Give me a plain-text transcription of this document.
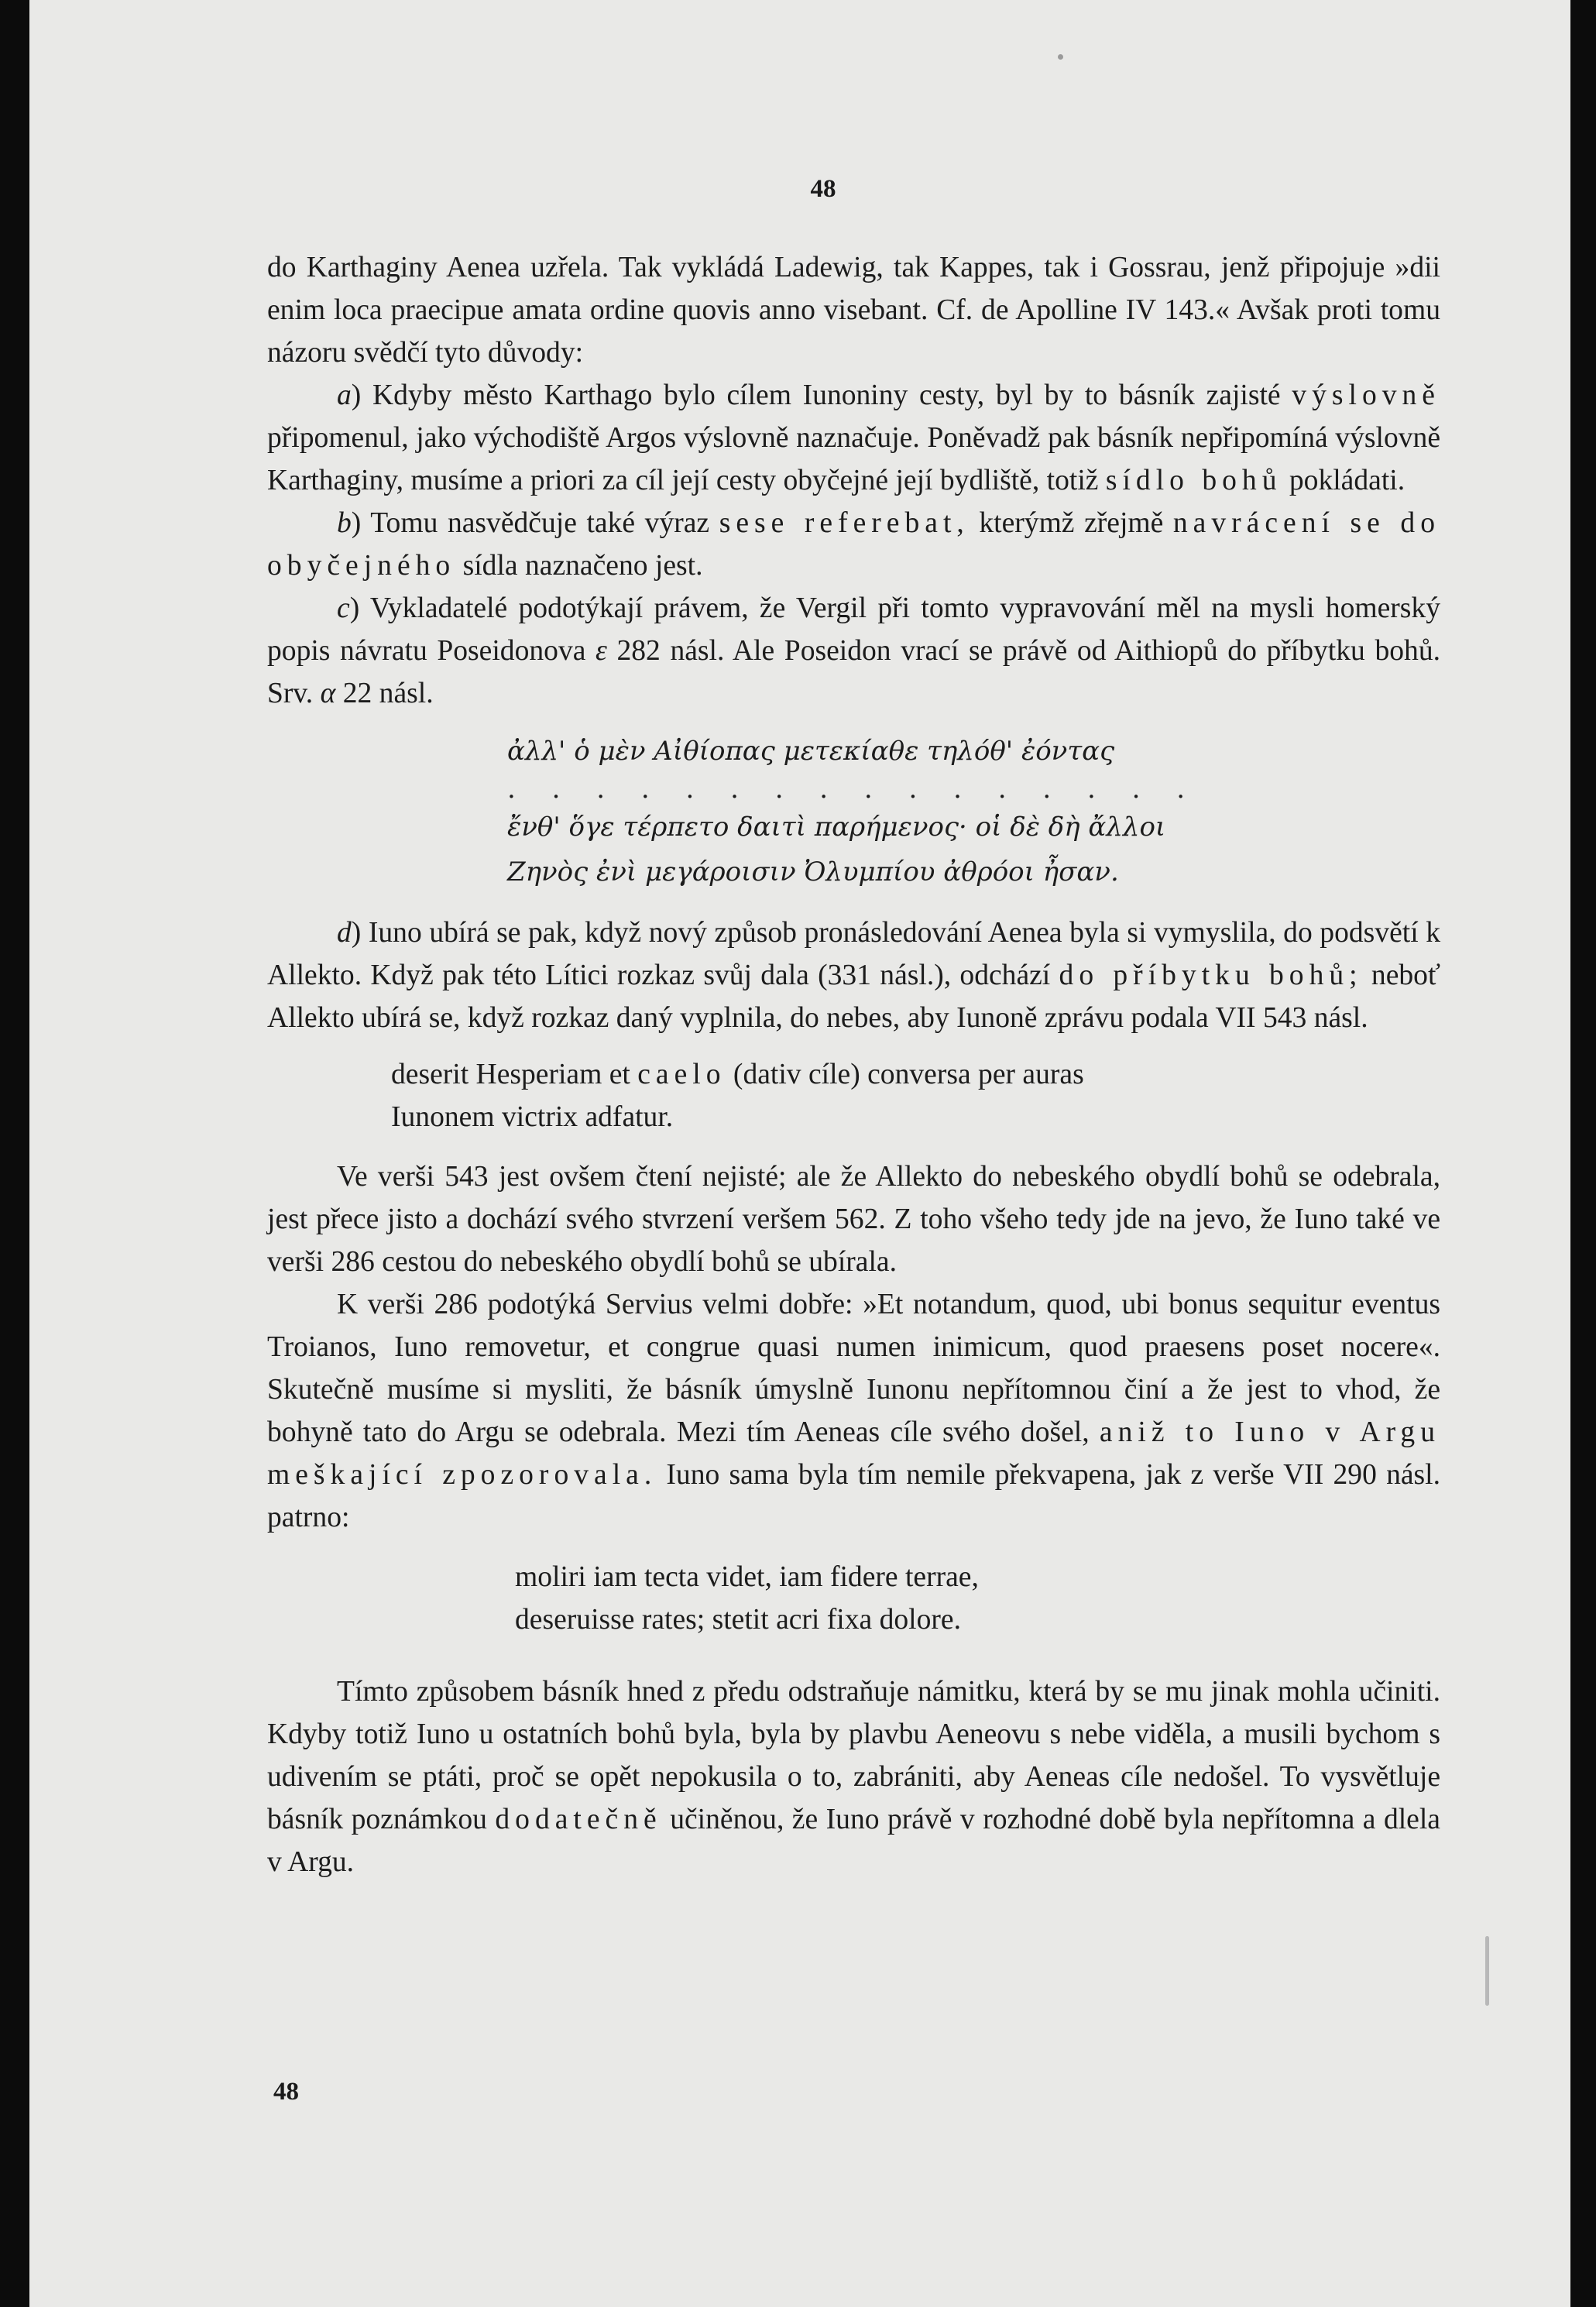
48

do Karthaginy Aenea uzřela. Tak vykládá Ladewig, tak Kappes, tak i Gossrau, jenž připojuje »dii enim loca praecipue amata ordine quovis anno visebant. Cf. de Apolline IV 143.« Avšak proti tomu názoru svědčí tyto důvody:

a) Kdyby město Karthago bylo cílem Iunoniny cesty, byl by to básník zajisté výslovně připomenul, jako východiště Argos výslovně naznačuje. Poněvadž pak básník nepřipomíná výslovně Karthaginy, musíme a priori za cíl její cesty obyčejné její bydliště, totiž sídlo bohů pokládati.

b) Tomu nasvědčuje také výraz sese referebat, kterýmž zřejmě navrácení se do obyčejného sídla naznačeno jest.

c) Vykladatelé podotýkají právem, že Vergil při tomto vypravování měl na mysli homerský popis návratu Poseidonova ε 282 násl. Ale Poseidon vrací se právě od Aithiopů do příbytku bohů. Srv. α 22 násl.

ἀλλ' ὁ μὲν Αἰθίοπας μετεκίαθε τηλόθ' ἐόντας
. . . . . . . . . . . . . . . .
ἔνθ' ὅγε τέρπετο δαιτὶ παρήμενος· οἱ δὲ δὴ ἄλλοι
Ζηνὸς ἐνὶ μεγάροισιν Ὀλυμπίου ἀθρόοι ἦσαν.

d) Iuno ubírá se pak, když nový způsob pronásledování Aenea byla si vymyslila, do podsvětí k Allekto. Když pak této Lítici rozkaz svůj dala (331 násl.), odchází do příbytku bohů; neboť Allekto ubírá se, když rozkaz daný vyplnila, do nebes, aby Iunoně zprávu podala VII 543 násl.

deserit Hesperiam et caelo (dativ cíle) conversa per auras
Iunonem victrix adfatur.

Ve verši 543 jest ovšem čtení nejisté; ale že Allekto do nebeského obydlí bohů se odebrala, jest přece jisto a dochází svého stvrzení veršem 562. Z toho všeho tedy jde na jevo, že Iuno také ve verši 286 cestou do nebeského obydlí bohů se ubírala.

K verši 286 podotýká Servius velmi dobře: »Et notandum, quod, ubi bonus sequitur eventus Troianos, Iuno removetur, et congrue quasi numen inimicum, quod praesens poset nocere«. Skutečně musíme si mysliti, že básník úmyslně Iunonu nepřítomnou činí a že jest to vhod, že bohyně tato do Argu se odebrala. Mezi tím Aeneas cíle svého došel, aniž to Iuno v Argu meškající zpozorovala. Iuno sama byla tím nemile překvapena, jak z verše VII 290 násl. patrno:

moliri iam tecta videt, iam fidere terrae,
deseruisse rates; stetit acri fixa dolore.

Tímto způsobem básník hned z předu odstraňuje námitku, která by se mu jinak mohla učiniti. Kdyby totiž Iuno u ostatních bohů byla, byla by plavbu Aeneovu s nebe viděla, a musili bychom s udivením se ptáti, proč se opět nepokusila o to, zabrániti, aby Aeneas cíle nedošel. To vysvětluje básník poznámkou dodatečně učiněnou, že Iuno právě v rozhodné době byla nepřítomna a dlela v Argu.

48
